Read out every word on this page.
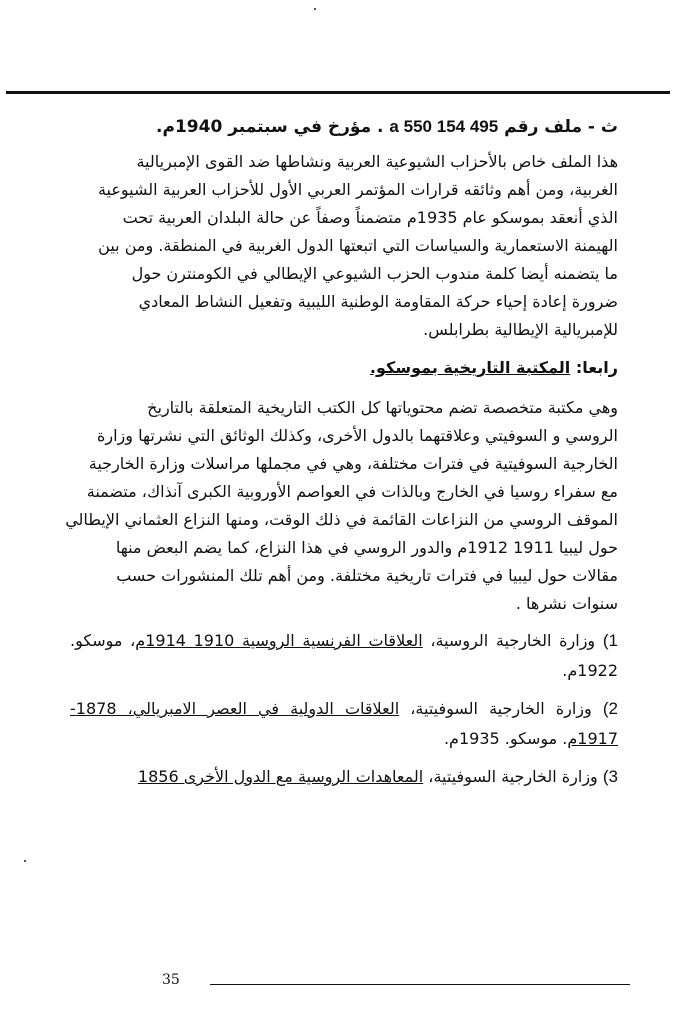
ث - ملف رقم 495 154 550 a . مؤرخ في سبتمبر 1940م.
هذا الملف خاص بالأحزاب الشيوعية العربية ونشاطها ضد القوى الإمبريالية
الغربية، ومن أهم وثائقه قرارات المؤتمر العربي الأول للأحزاب العربية الشيوعية
الذي أنعقد بموسكو عام 1935م متضمناً وصفاً عن حالة البلدان العربية تحت
الهيمنة الاستعمارية والسياسات التي اتبعتها الدول الغربية في المنطقة. ومن بين
ما يتضمنه أيضا كلمة مندوب الحزب الشيوعي الإيطالي في الكومنترن حول
ضرورة إعادة إحياء حركة المقاومة الوطنية الليبية وتفعيل النشاط المعادي
للإمبريالية الإيطالية بطرابلس.
رابعا: المكتبة التاريخية بموسكو.
وهي مكتبة متخصصة تضم محتوياتها كل الكتب التاريخية المتعلقة بالتاريخ
الروسي و السوفيتي وعلاقتهما بالدول الأخرى، وكذلك الوثائق التي نشرتها وزارة
الخارجية السوفيتية في فترات مختلفة، وهي في مجملها مراسلات وزارة الخارجية
مع سفراء روسيا في الخارج وبالذات في العواصم الأوروبية الكبرى آنذاك، متضمنة
الموقف الروسي من النزاعات القائمة في ذلك الوقت، ومنها النزاع العثماني الإيطالي
حول ليبيا 1911 1912م والدور الروسي في هذا النزاع، كما يضم البعض منها
مقالات حول ليبيا في فترات تاريخية مختلفة. ومن أهم تلك المنشورات حسب
سنوات نشرها .
1) وزارة الخارجية الروسية، العلاقات الفرنسية الروسية 1910 1914م، موسكو. 1922م.
2) وزارة الخارجية السوفيتية، العلاقات الدولية في العصر الامبريالي، 1878-1917م. موسكو. 1935م.
3) وزارة الخارجية السوفيتية، المعاهدات الروسية مع الدول الأخرى 1856
35
